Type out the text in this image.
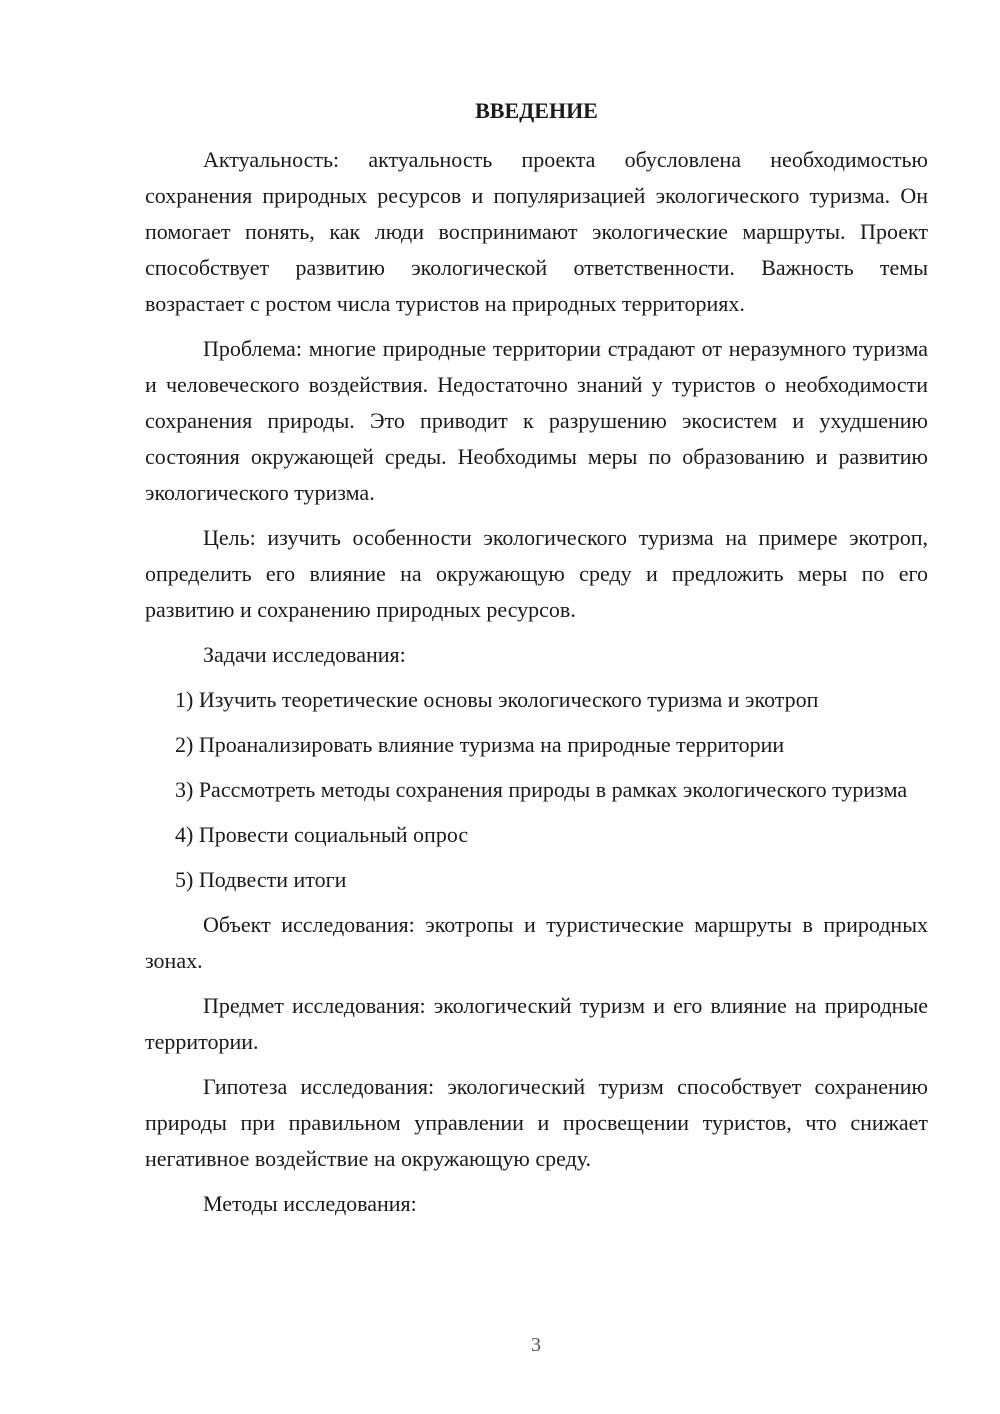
ВВЕДЕНИЕ

Актуальность: актуальность проекта обусловлена необходимостью сохранения природных ресурсов и популяризацией экологического туризма. Он помогает понять, как люди воспринимают экологические маршруты. Проект способствует развитию экологической ответственности. Важность темы возрастает с ростом числа туристов на природных территориях.

Проблема: многие природные территории страдают от неразумного туризма и человеческого воздействия. Недостаточно знаний у туристов о необходимости сохранения природы. Это приводит к разрушению экосистем и ухудшению состояния окружающей среды. Необходимы меры по образованию и развитию экологического туризма.

Цель: изучить особенности экологического туризма на примере экотроп, определить его влияние на окружающую среду и предложить меры по его развитию и сохранению природных ресурсов.

Задачи исследования:

1) Изучить теоретические основы экологического туризма и экотроп

2) Проанализировать влияние туризма на природные территории

3) Рассмотреть методы сохранения природы в рамках экологического туризма

4) Провести социальный опрос

5) Подвести итоги

Объект исследования: экотропы и туристические маршруты в природных зонах.

Предмет исследования: экологический туризм и его влияние на природные территории.

Гипотеза исследования: экологический туризм способствует сохранению природы при правильном управлении и просвещении туристов, что снижает негативное воздействие на окружающую среду.

Методы исследования:

3
